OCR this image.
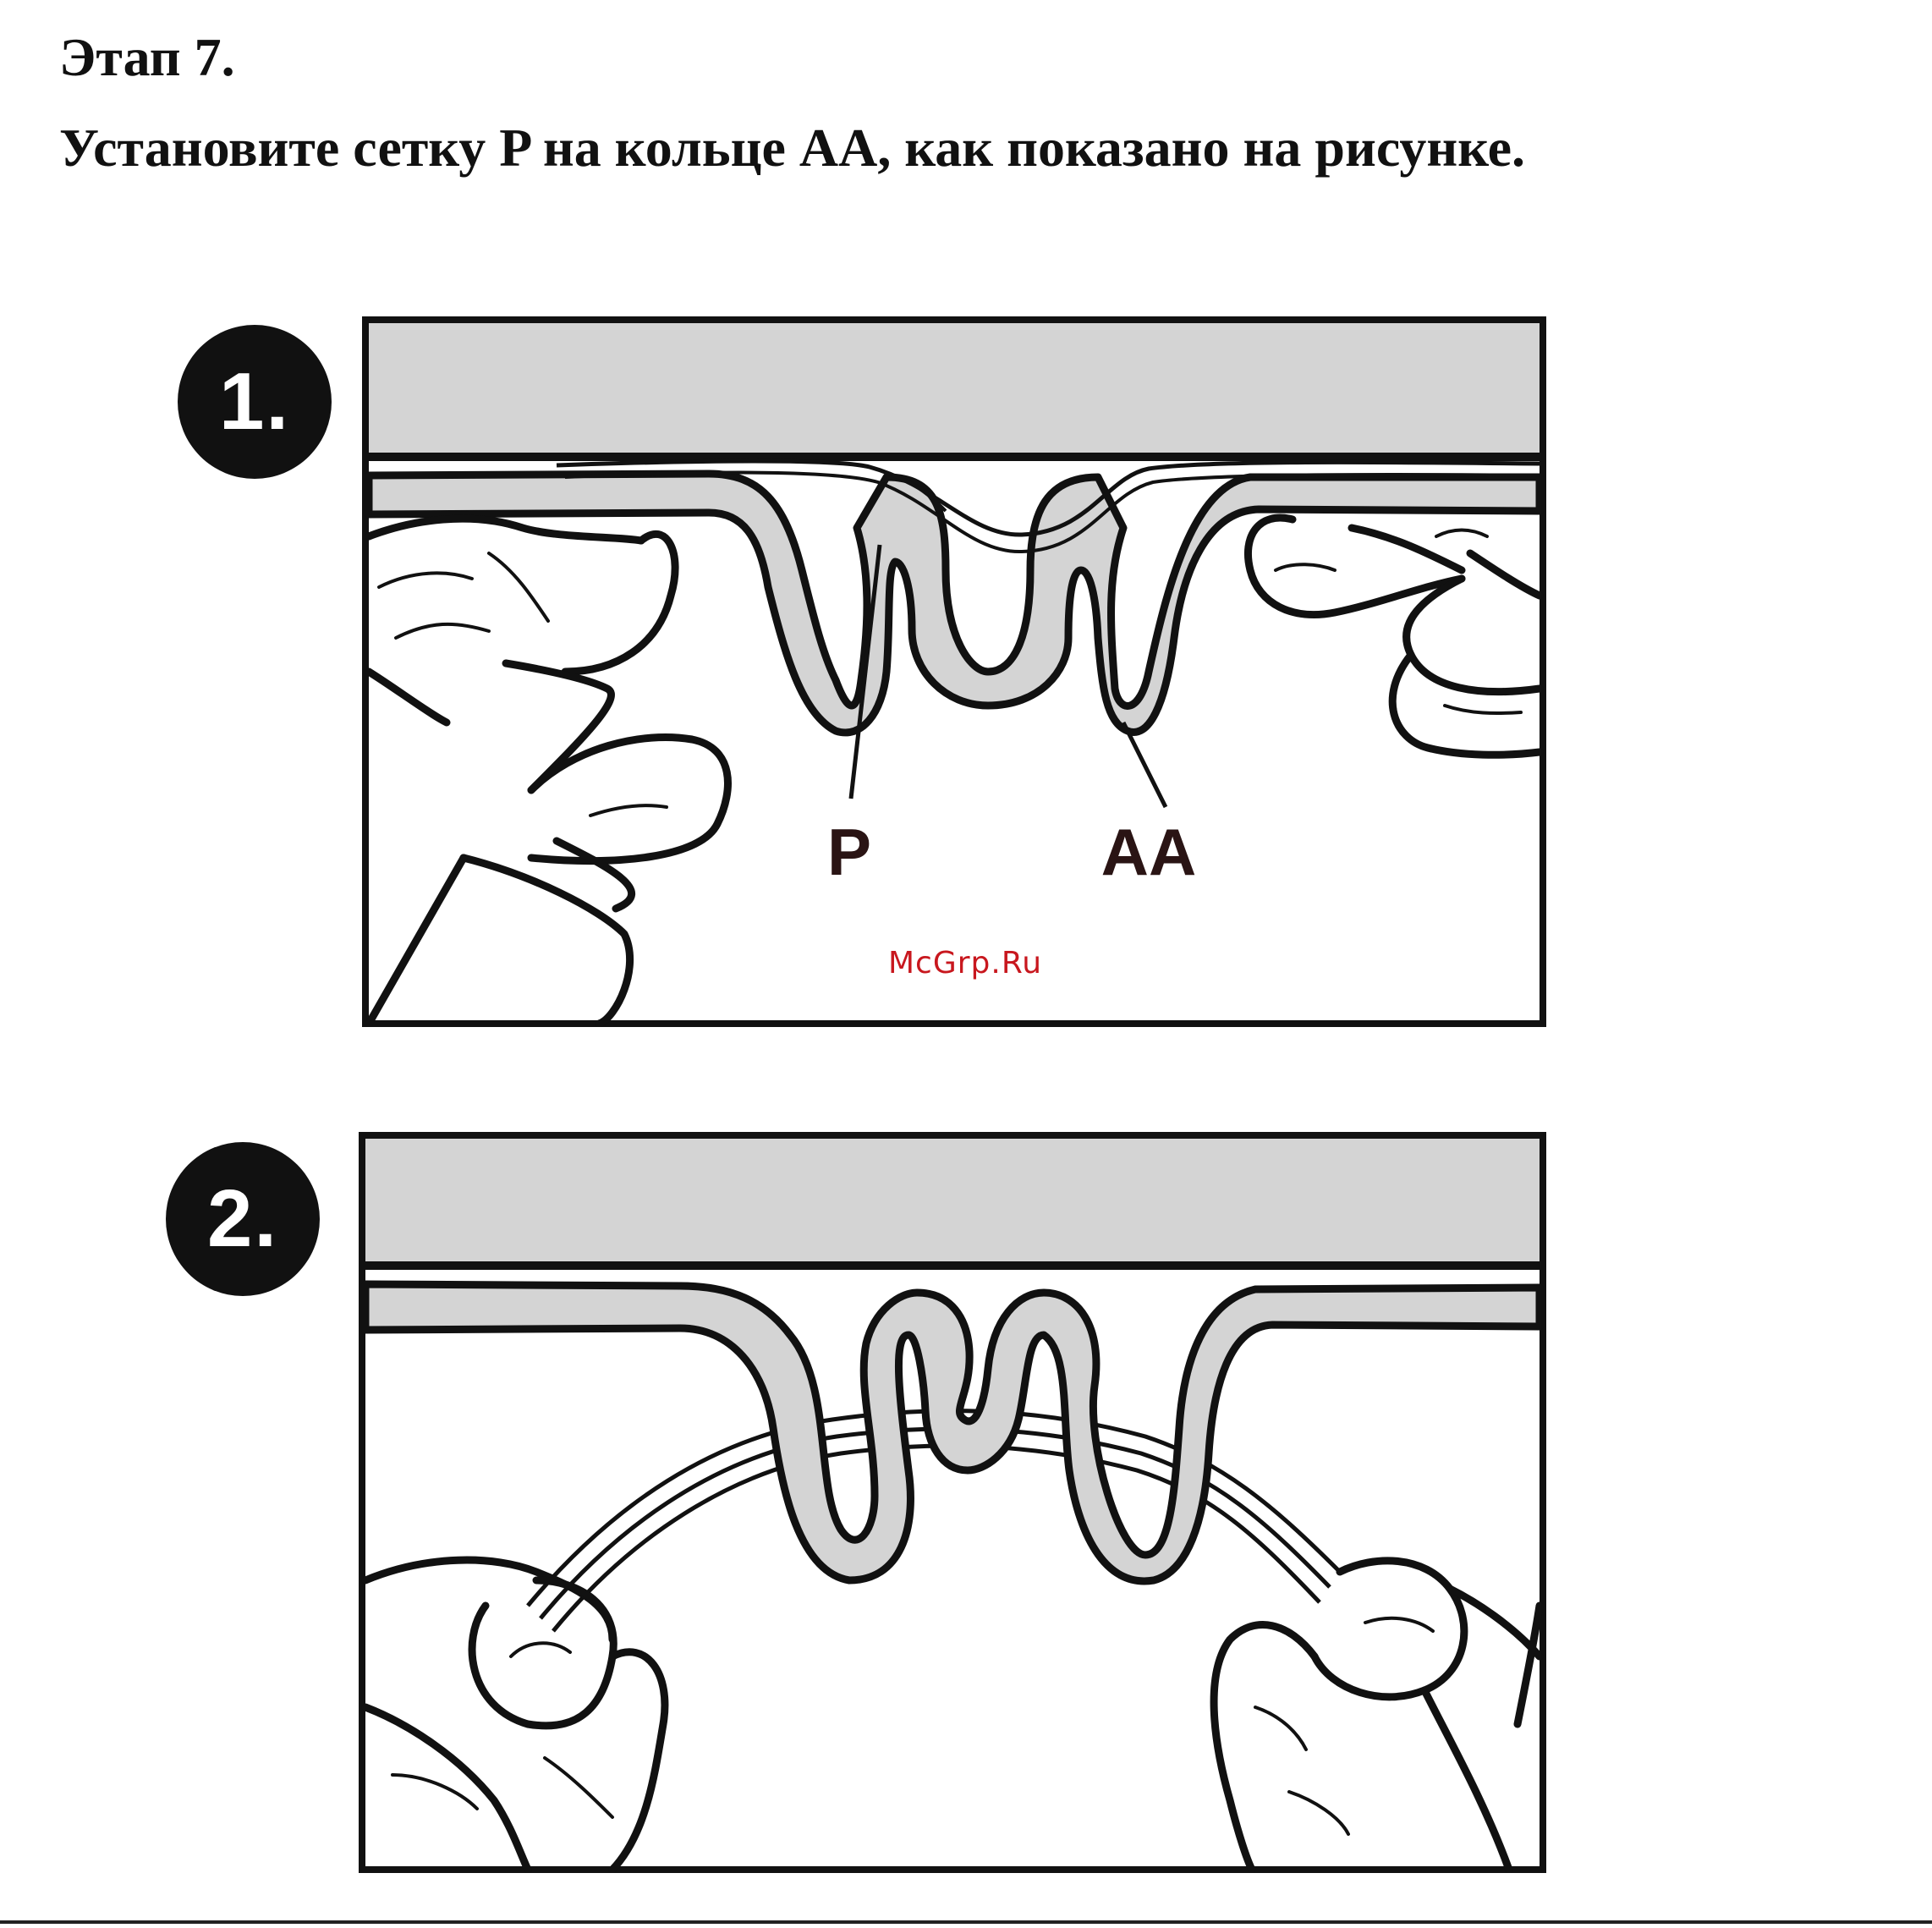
Этап 7.

Установите сетку P на кольце AA, как показано на рисунке.

1.
P	AA
McGrp.Ru
2.
